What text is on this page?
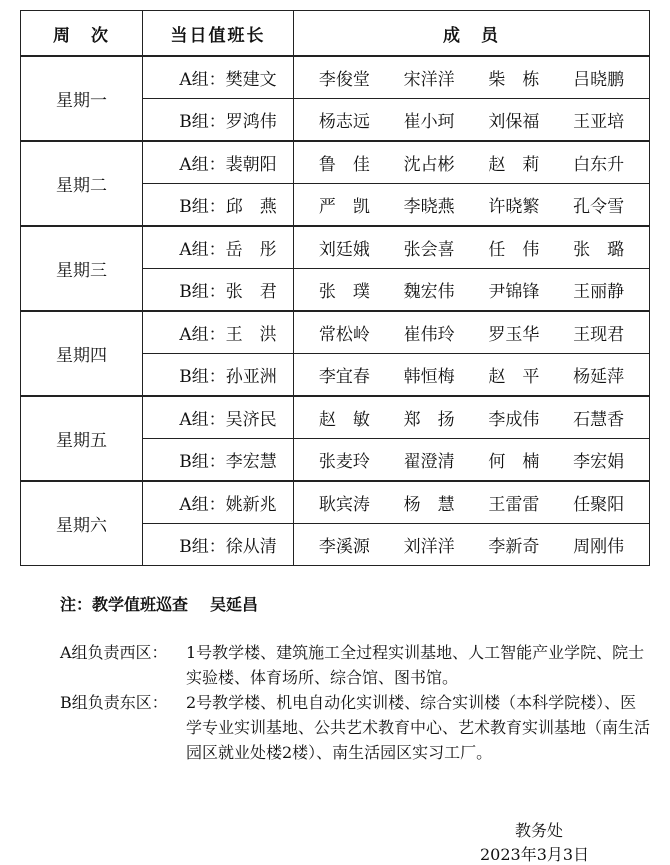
周　次	当日值班长	成　员
星期一	A组：樊建文	李俊堂 宋洋洋 柴　栋 吕晓鹏

	B组：罗鸿伟	杨志远 崔小珂 刘保福 王亚培

星期二	A组：裴朝阳	鲁　佳 沈占彬 赵　莉 白东升

	B组：邱　燕	严　凯 李晓燕 许晓繁 孔令雪

星期三	A组：岳　彤	刘廷娥 张会喜 任　伟 张　璐

	B组：张　君	张　璞 魏宏伟 尹锦锋 王丽静

星期四	A组：王　洪	常松岭 崔伟玲 罗玉华 王现君

	B组：孙亚洲	李宜春 韩恒梅 赵　平 杨延萍

星期五	A组：吴济民	赵　敏 郑　扬 李成伟 石慧香

	B组：李宏慧	张麦玲 翟澄清 何　楠 李宏娟

星期六	A组：姚新兆	耿宾涛 杨　慧 王雷雷 任聚阳

	B组：徐从清	李溪源 刘洋洋 李新奇 周刚伟
注：教学值班巡查 吴延昌
A组负责西区： 1号教学楼、建筑施工全过程实训基地、人工智能产业学院、院士实验楼、体育场所、综合馆、图书馆。
B组负责东区： 2号教学楼、机电自动化实训楼、综合实训楼（本科学院楼）、医学专业实训基地、公共艺术教育中心、艺术教育实训基地（南生活园区就业处楼2楼）、南生活园区实习工厂。
教务处
2023年3月3日
